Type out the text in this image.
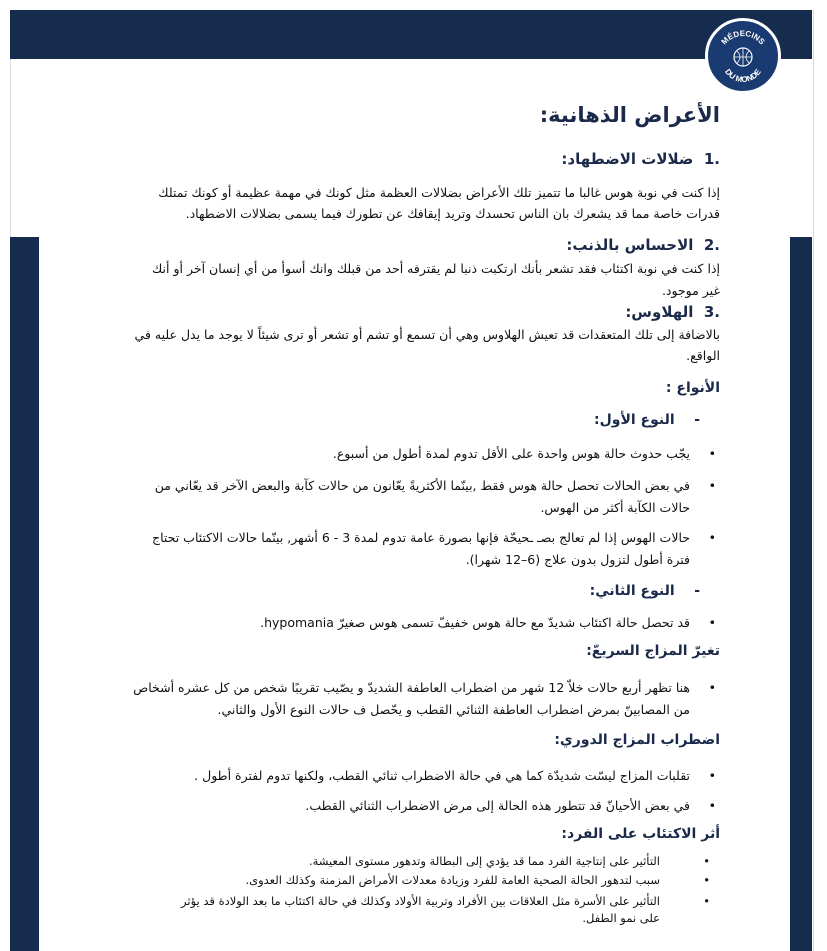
MÉDECINS
DU MONDE
الأعراض الذهانية:
.1  ضلالات الاضطهاد:
إذا كنت في نوبة هوس غالبا ما تتميز تلك الأعراض بضلالات العظمة مثل كونك في مهمة عظيمة أو كونك تمتلك
قدرات خاصة مما قد يشعرك بان الناس تحسدك وتريد إيقافك عن تطورك فيما يسمى بضلالات الاضطهاد.
.2  الاحساس بالذنب:
إذا كنت في نوبة اكتئاب فقد تشعر بأنك ارتكبت ذنبا لم يقترفه أحد من قبلك وانك أسوأ من أي إنسان آخر أو أنك
غير موجود.
.3  الهلاوس:
بالاضافة إلى تلك المتعقدات قد تعيش الهلاوس وهي أن تسمع أو تشم أو تشعر أو ترى شيئاً لا يوجد ما يدل عليه في
الواقع.
الأنواع :
-    النوع الأول:
•
يجّب حدوث حالة هوس واحدة على الأقل تدوم لمدة أطول من أسبوع.
•
في بعض الحالات تحصل حالة هوس فقط ,بينّما الأكثريةً يعّانون من حالات كآبة والبعض الآخر قد يعّاني من
حالات الكآبة أكثر من الهوس.
•
حالات الهوس إذا لم تعالج بصـ ـحيحّة فإنها بصورة عامة تدوم لمدة 3 - 6 أشهر, بينّما حالات الاكتئاب تحتاج
فترة أطول لتزول بدون علاج (6–12 شهرا).
-    النوع الثاني:
•
قد تحصل حالة اكتئاب شديدّ مع حالة هوس خفيفّ تسمى هوس صغيرّ hypomania.
تغيرّ المزاج السريعّ:
•
هنا تظهر أربع حالات خلاّ 12 شهر من اضطراب العاطفة الشديدّ و يصّيب تقريبًا شخص من كل عشره أشخاص
من المصابينّ بمرض اضطراب العاطفة الثنائي القطب و يحّصل ف حالات النوع الأول والثاني.
اضطراب المزاج الدوري:
•
تقلبات المزاج ليسّت شديدّة كما هي في حالة الاضطراب ثنائي القطب، ولكنها تدوم لفترة أطول .
•
في بعض الأحيانّ قد تتطور هذه الحالة إلى مرض الاضطراب الثنائي القطب.
أثر الاكتئاب على الفرد:
•
التأثير على إنتاجية الفرد مما قد يؤدي إلى البطالة وتدهور مستوى المعيشة.
•
سبب لتدهور الحالة الصحية العامة للفرد وزيادة معدلات الأمراض المزمنة وكذلك العدوى.
•
التأثير على الأسرة مثل العلاقات بين الأفراد وتربية الأولاد وكذلك في حالة اكتئاب ما بعد الولادة قد يؤثر
على نمو الطفل.
